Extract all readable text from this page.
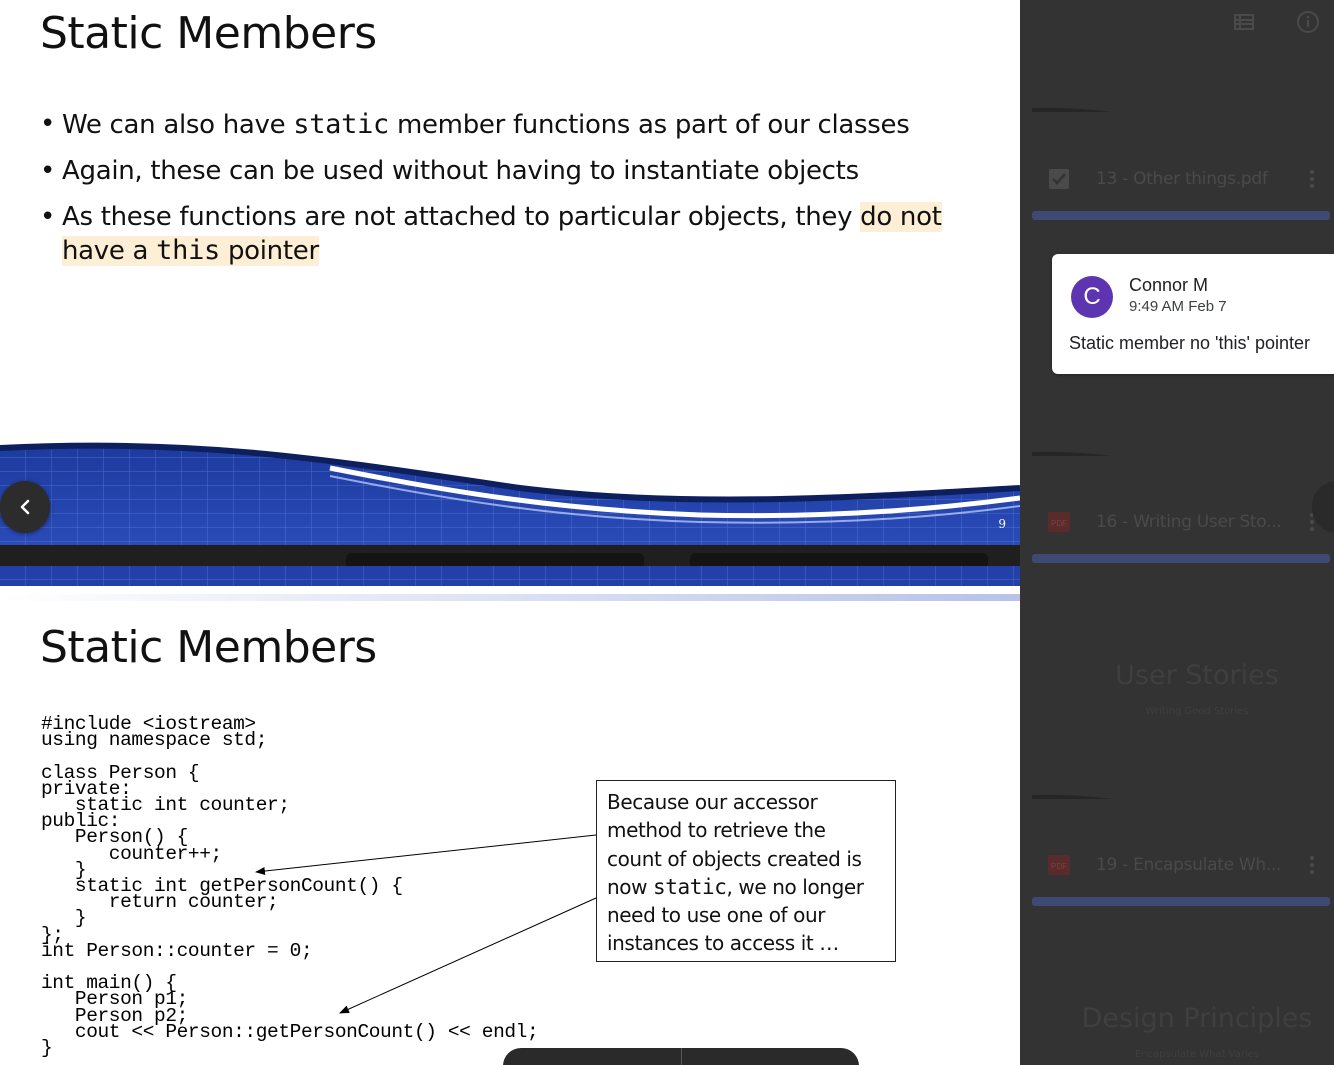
Static Members
• We can also have static member functions as part of our classes
• Again, these can be used without having to instantiate objects
• As these functions are not attached to particular objects, they do not
have a this pointer
9
Static Members
#include <iostream>
using namespace std;

class Person {
private:
static int counter;
public:
Person() {
counter++;
}
static int getPersonCount() {
return counter;
}
};
int Person::counter = 0;

int main() {
Person p1;
Person p2;
cout << Person::getPersonCount() << endl;
}
Because our accessor method to retrieve the count of objects created is now static, we no longer need to use one of our instances to access it …
13 - Other things.pdf
PDF 16 - Writing User Sto...
User Stories
Writing Good Stories
PDF 19 - Encapsulate Wh...
Design Principles
Encapsulate What Varies
C	Connor M
9:49 AM Feb 7
Static member no 'this' pointer
